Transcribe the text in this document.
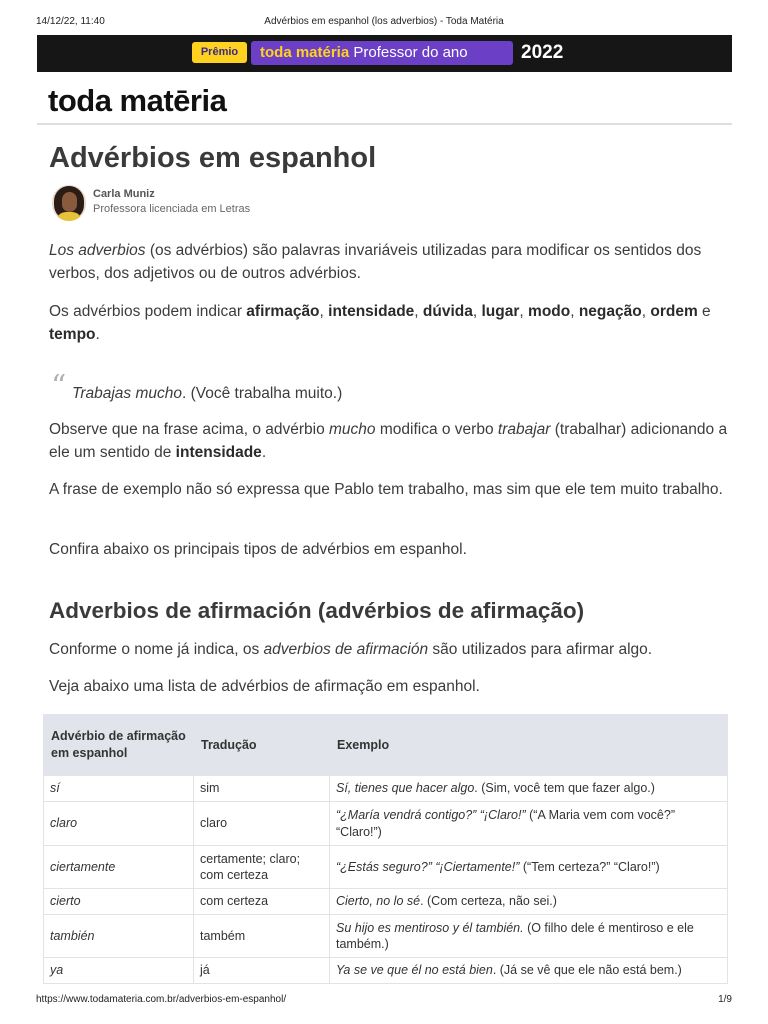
14/12/22, 11:40	Advérbios em espanhol (los adverbios) - Toda Matéria
Prêmio	toda matéria Professor do ano	2022
toda matēria
Advérbios em espanhol
Carla Muniz
Professora licenciada em Letras

Los adverbios (os advérbios) são palavras invariáveis utilizadas para modificar os sentidos dos verbos, dos adjetivos ou de outros advérbios.

Os advérbios podem indicar afirmação, intensidade, dúvida, lugar, modo, negação, ordem e tempo.

“ Trabajas mucho. (Você trabalha muito.)

Observe que na frase acima, o advérbio mucho modifica o verbo trabajar (trabalhar) adicionando a ele um sentido de intensidade.

A frase de exemplo não só expressa que Pablo tem trabalho, mas sim que ele tem muito trabalho.

Confira abaixo os principais tipos de advérbios em espanhol.

Adverbios de afirmación (advérbios de afirmação)

Conforme o nome já indica, os adverbios de afirmación são utilizados para afirmar algo.

Veja abaixo uma lista de advérbios de afirmação em espanhol.

Advérbio de afirmação em espanhol	Tradução	Exemplo
sí	sim	Sí, tienes que hacer algo. (Sim, você tem que fazer algo.)
claro	claro	“¿María vendrá contigo?” “¡Claro!” (“A Maria vem com você?” “Claro!”)
ciertamente	certamente; claro; com certeza	“¿Estás seguro?” “¡Ciertamente!” (“Tem certeza?” “Claro!”)
cierto	com certeza	Cierto, no lo sé. (Com certeza, não sei.)
también	também	Su hijo es mentiroso y él también. (O filho dele é mentiroso e ele também.)
ya	já	Ya se ve que él no está bien. (Já se vê que ele não está bem.)
https://www.todamateria.com.br/adverbios-em-espanhol/	1/9
